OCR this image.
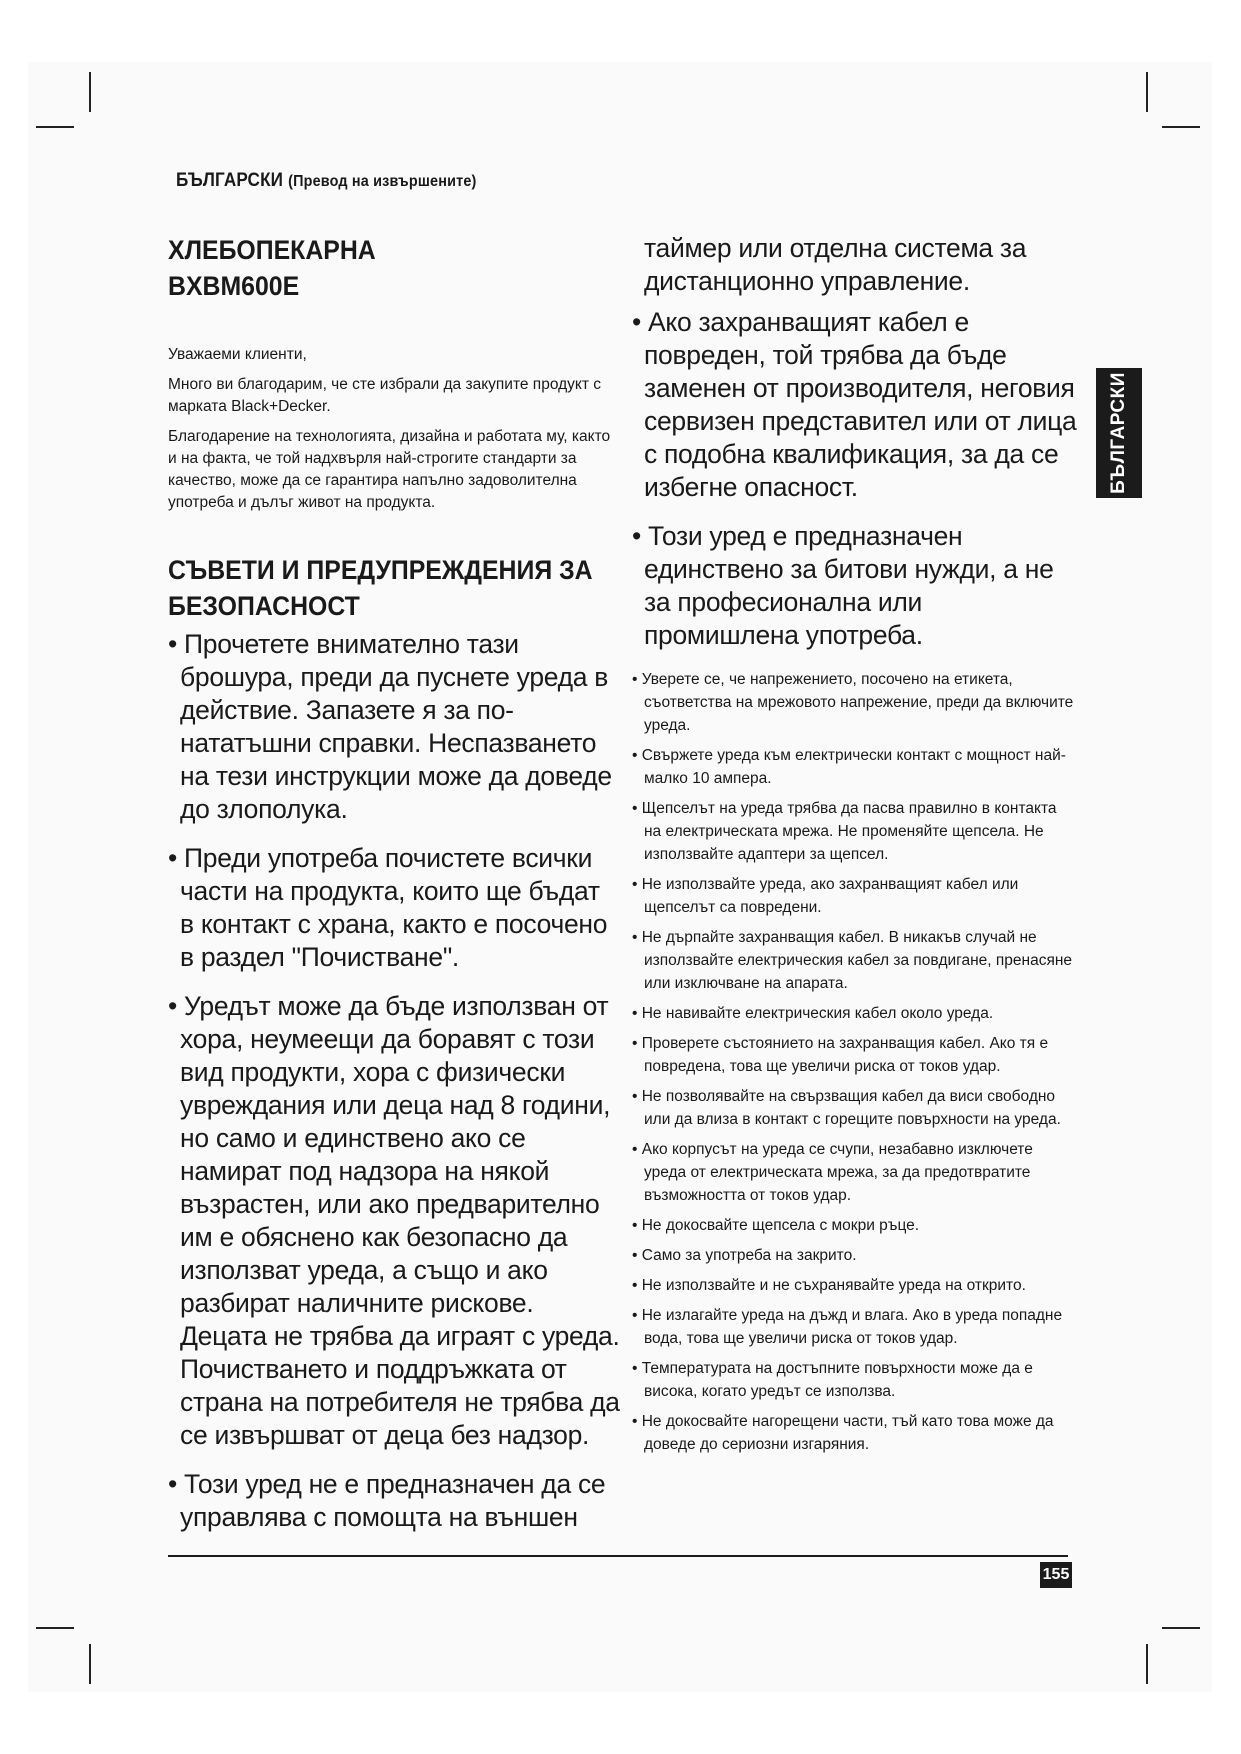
БЪЛГАРСКИ (Превод на извършените)
БЪЛГАРСКИ
ХЛЕБОПЕКАРНА
BXBM600E

Уважаеми клиенти,

Много ви благодарим, че сте избрали да закупите продукт с марката Black+Decker.

Благодарение на технологията, дизайна и работата му, както и на факта, че той надхвърля най-строгите стандарти за качество, може да се гарантира напълно задоволителна употреба и дълъг живот на продукта.

СЪВЕТИ И ПРЕДУПРЕЖДЕНИЯ ЗА БЕЗОПАСНОСТ
• Прочетете внимателно тази брошура, преди да пуснете уреда в действие. Запазете я за по-нататъшни справки. Неспазването на тези инструкции може да доведе до злополука.
• Преди употреба почистете всички части на продукта, които ще бъдат в контакт с храна, както е посочено в раздел "Почистване".
• Уредът може да бъде използван от хора, неумеещи да боравят с този вид продукти, хора с физически увреждания или деца над 8 години, но само и единствено ако се намират под надзора на някой възрастен, или ако предварително им е обяснено как безопасно да използват уреда, а също и ако разбират наличните рискове. Децата не трябва да играят с уреда. Почистването и поддръжката от страна на потребителя не трябва да се извършват от деца без надзор.
• Този уред не е предназначен да се управлява с помощта на външен
таймер или отделна система за дистанционно управление.
• Ако захранващият кабел е повреден, той трябва да бъде заменен от производителя, неговия сервизен представител или от лица с подобна квалификация, за да се избегне опасност.
• Този уред е предназначен единствено за битови нужди, а не за професионална или промишлена употреба.
• Уверете се, че напрежението, посочено на етикета, съответства на мрежовото напрежение, преди да включите уреда.
• Свържете уреда към електрически контакт с мощност най-малко 10 ампера.
• Щепселът на уреда трябва да пасва правилно в контакта на електрическата мрежа. Не променяйте щепсела. Не използвайте адаптери за щепсел.
• Не използвайте уреда, ако захранващият кабел или щепселът са повредени.
• Не дърпайте захранващия кабел. В никакъв случай не използвайте електрическия кабел за повдигане, пренасяне или изключване на апарата.
• Не навивайте електрическия кабел около уреда.
• Проверете състоянието на захранващия кабел. Ако тя е повредена, това ще увеличи риска от токов удар.
• Не позволявайте на свързващия кабел да виси свободно или да влиза в контакт с горещите повърхности на уреда.
• Ако корпусът на уреда се счупи, незабавно изключете уреда от електрическата мрежа, за да предотвратите възможността от токов удар.
• Не докосвайте щепсела с мокри ръце.
• Само за употреба на закрито.
• Не използвайте и не съхранявайте уреда на открито.
• Не излагайте уреда на дъжд и влага. Ако в уреда попадне вода, това ще увеличи риска от токов удар.
• Температурата на достъпните повърхности може да е висока, когато уредът се използва.
• Не докосвайте нагорещени части, тъй като това може да доведе до сериозни изгаряния.
155
